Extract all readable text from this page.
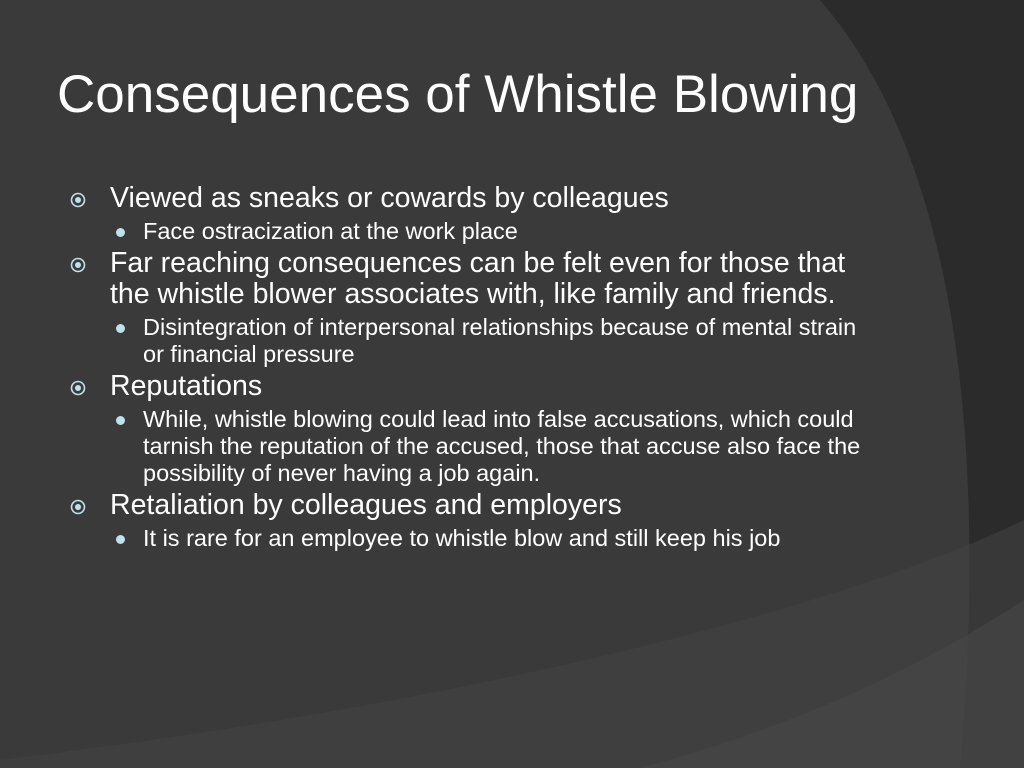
Consequences of Whistle Blowing
Viewed as sneaks or cowards by colleagues
Face ostracization at the work place
Far reaching consequences can be felt even for those that the whistle blower associates with, like family and friends.
Disintegration of interpersonal relationships because of mental strain or financial pressure
Reputations
While, whistle blowing could lead into false accusations, which could tarnish the reputation of the accused, those that accuse also face the possibility of never having a job again.
Retaliation by colleagues and employers
It is rare for an employee to whistle blow and still keep his job
